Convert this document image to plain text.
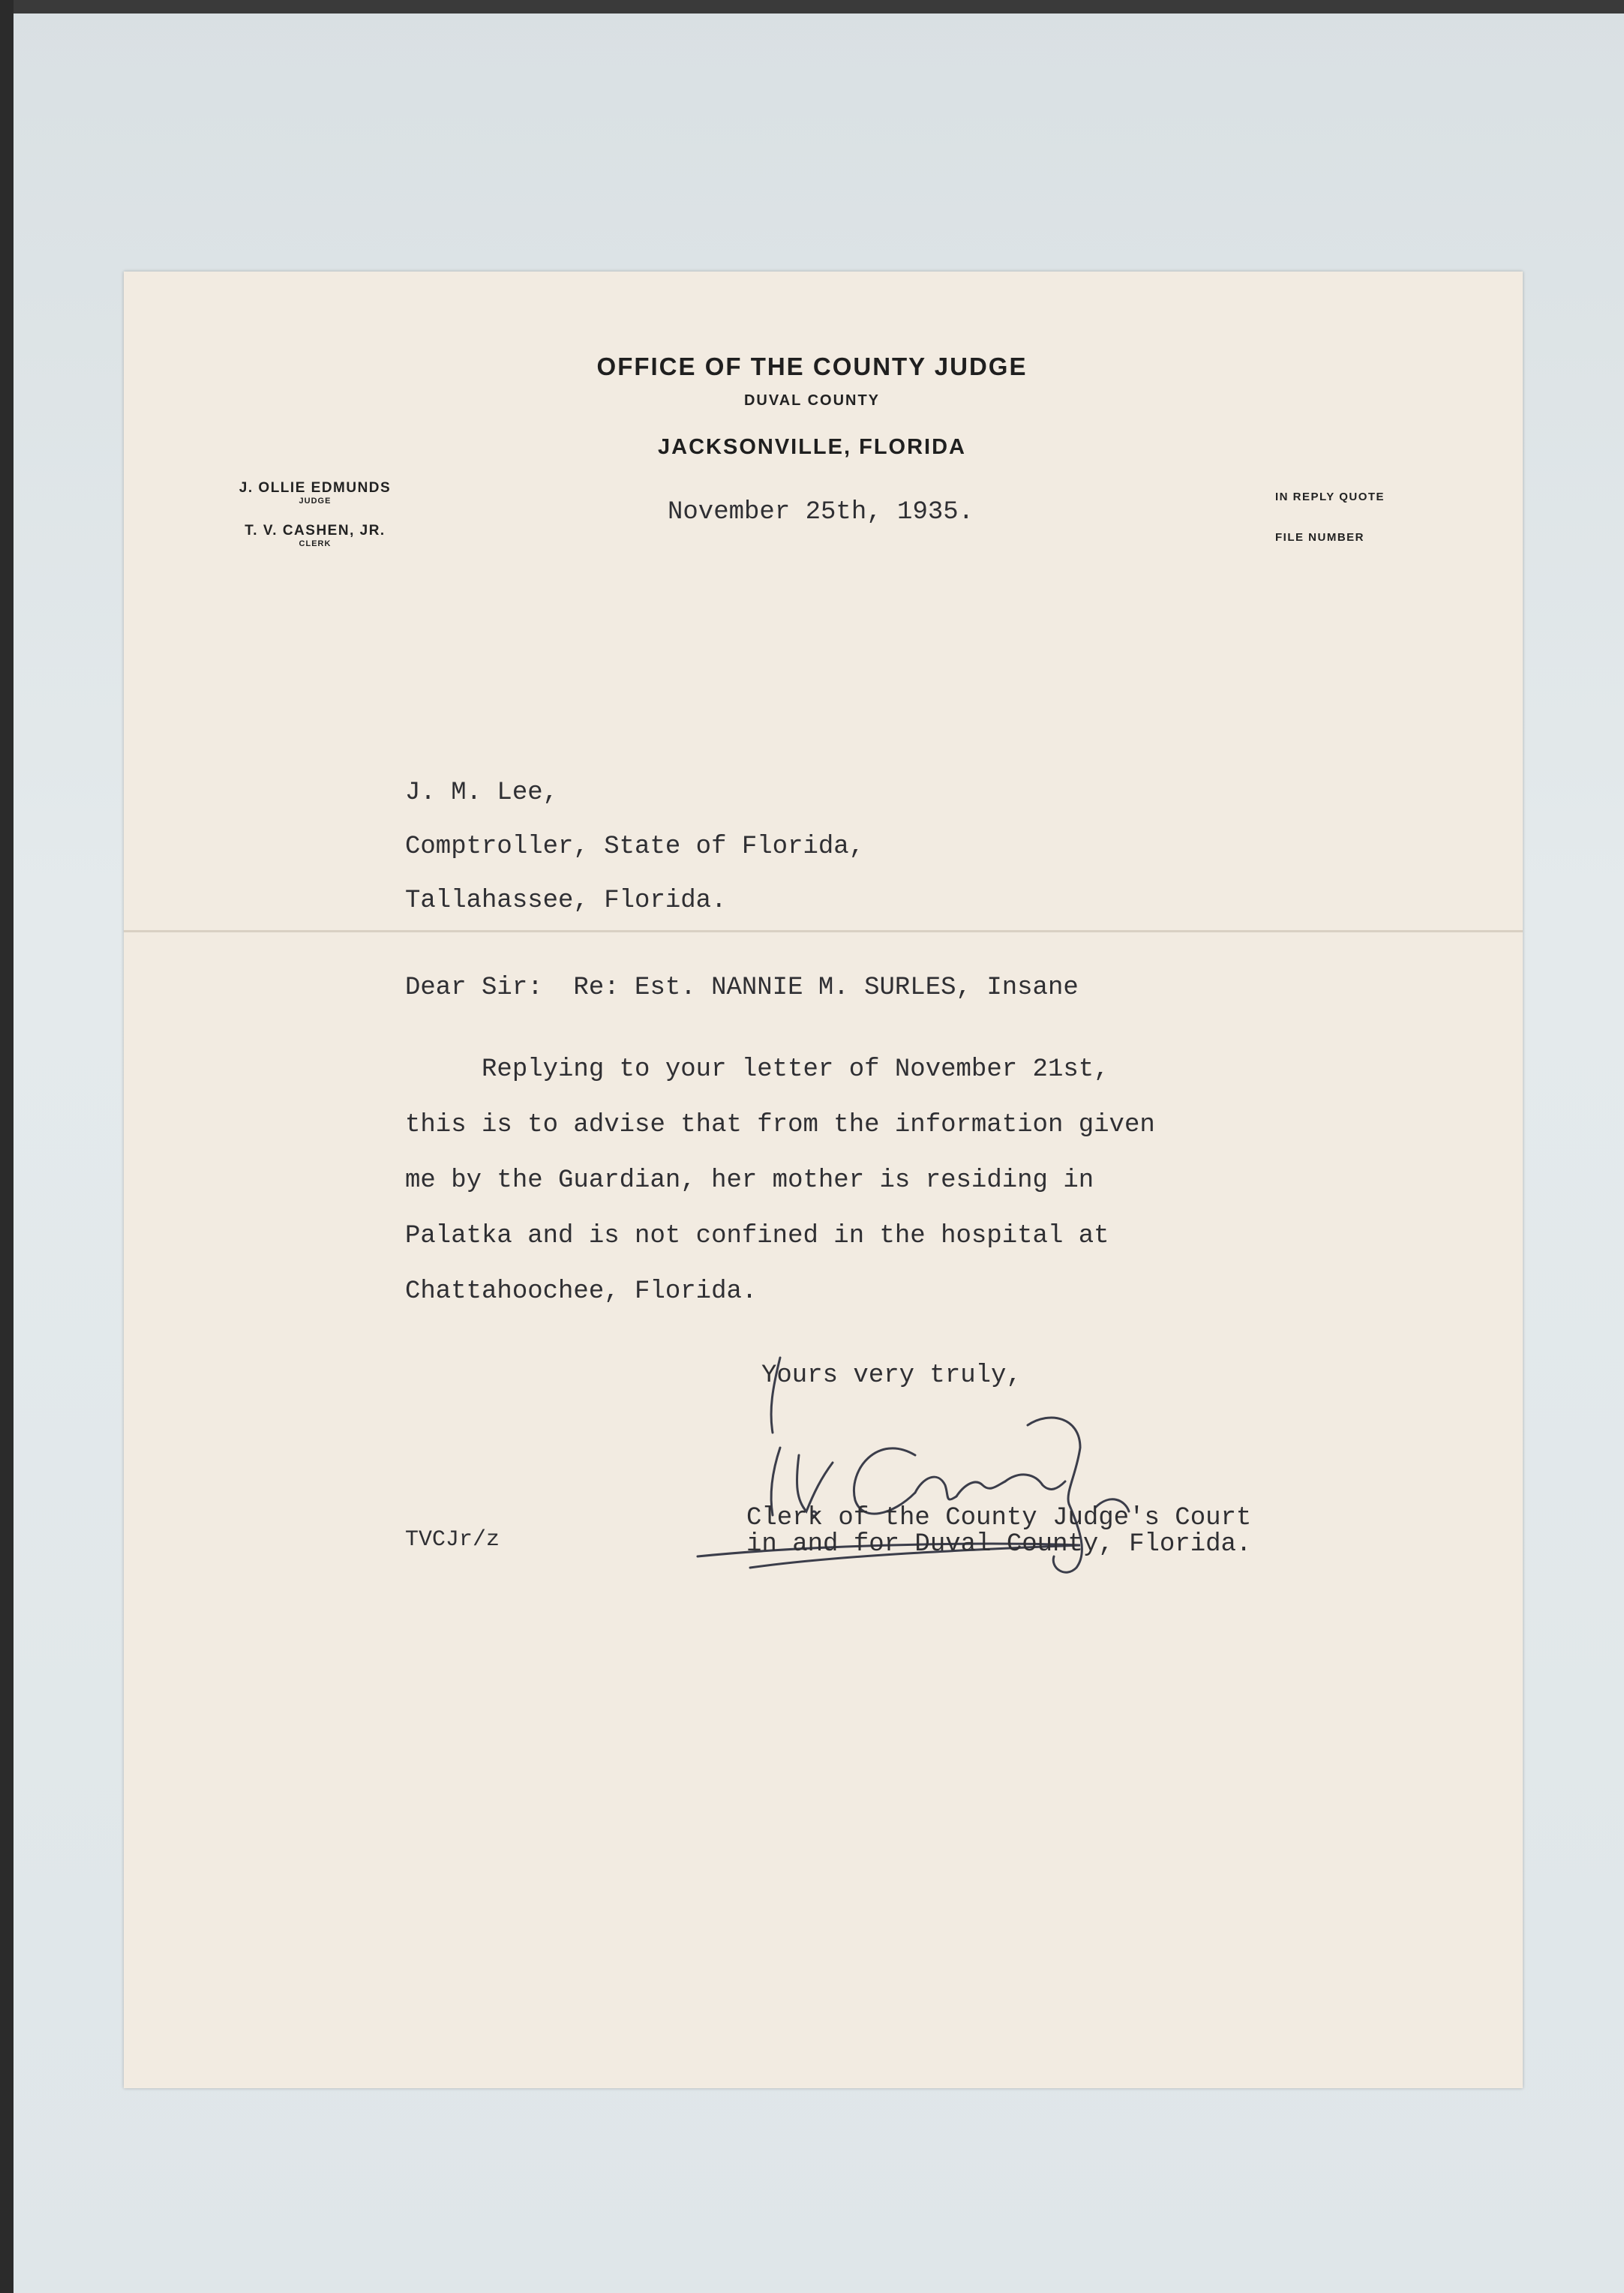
OFFICE OF THE COUNTY JUDGE
DUVAL COUNTY
JACKSONVILLE, FLORIDA
J. OLLIE EDMUNDS
JUDGE
T. V. CASHEN, JR.
CLERK
IN REPLY QUOTE
FILE NUMBER
November 25th, 1935.
J. M. Lee,
Comptroller, State of Florida,
Tallahassee, Florida.
Dear Sir:  Re: Est. NANNIE M. SURLES, Insane
Replying to your letter of November 21st,
this is to advise that from the information given
me by the Guardian, her mother is residing in
Palatka and is not confined in the hospital at
Chattahoochee, Florida.
Yours very truly,
Clerk of the County Judge's Court
in and for Duval County, Florida.
TVCJr/z
